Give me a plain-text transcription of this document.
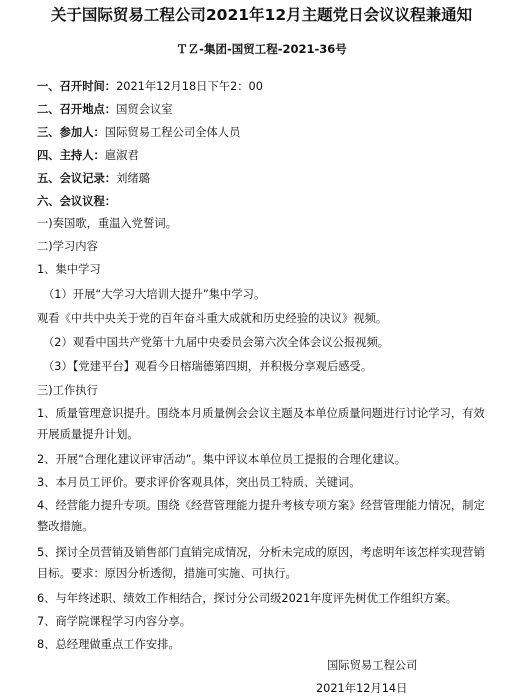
关于国际贸易工程公司2021年12月主题党日会议议程兼通知
ＴＺ-集团-国贸工程-2021-36号
一、召开时间：2021年12月18日下午2：00
二、召开地点：国贸会议室
三、参加人：国际贸易工程公司全体人员
四、主持人：扈淑君
五、会议记录：刘绪璐
六、会议议程：
一)奏国歌，重温入党誓词。
二)学习内容
1、集中学习
（1）开展“大学习大培训大提升”集中学习。
观看《中共中央关于党的百年奋斗重大成就和历史经验的决议》视频。
（2）观看中国共产党第十九届中央委员会第六次全体会议公报视频。
（3）【党建平台】观看今日榕瑞德第四期，并积极分享观后感受。
三)工作执行
1、质量管理意识提升。围绕本月质量例会会议主题及本单位质量问题进行讨论学习，有效开展质量提升计划。
2、开展“合理化建议评审活动”。集中评议本单位员工提报的合理化建议。
3、本月员工评价。要求评价客观具体，突出员工特质、关键词。
4、经营能力提升专项。围绕《经营管理能力提升考核专项方案》经营管理能力情况，制定整改措施。
5、探讨全员营销及销售部门直销完成情况，分析未完成的原因，考虑明年该怎样实现营销目标。要求：原因分析透彻，措施可实施、可执行。
6、与年终述职、绩效工作相结合，探讨分公司级2021年度评先树优工作组织方案。
7、商学院课程学习内容分享。
8、总经理做重点工作安排。
国际贸易工程公司
2021年12月14日
